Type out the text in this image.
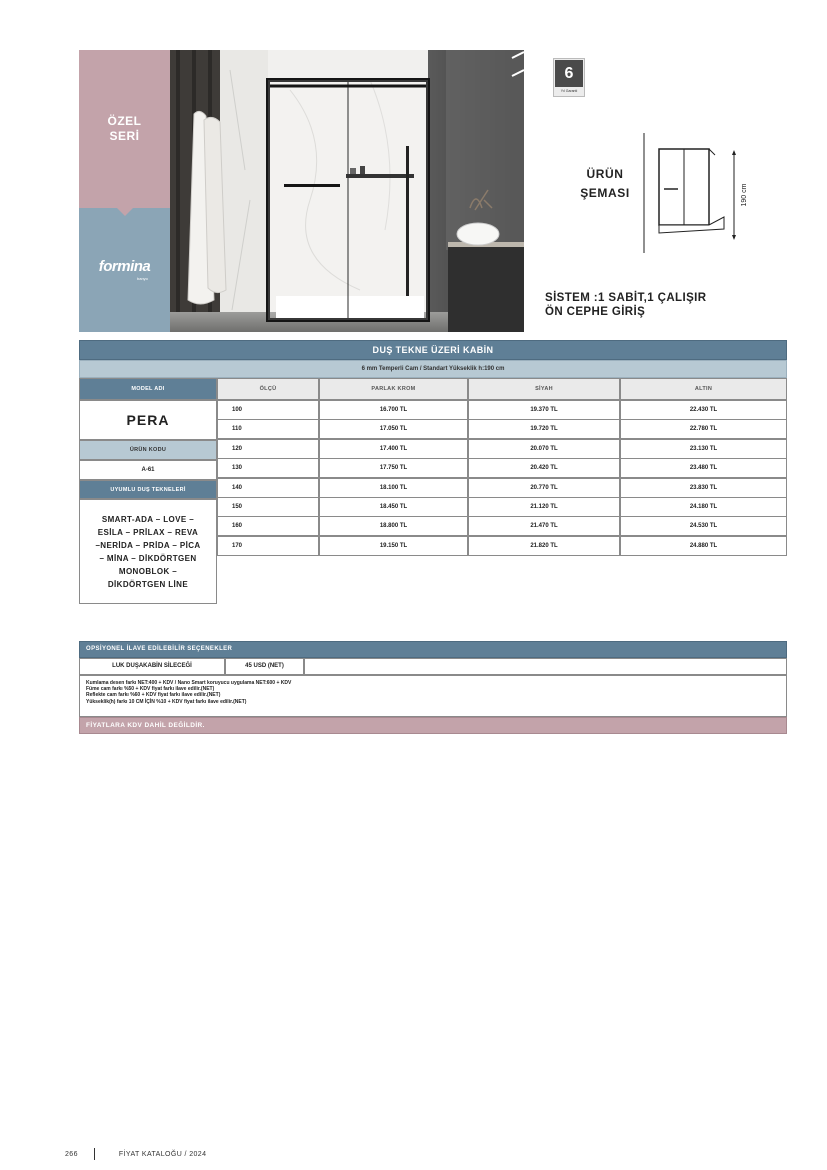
ÖZEL
SERİ
formina
banyo
6
Yıl Garanti
ÜRÜN
ŞEMASI	190 cm
SİSTEM :1 SABİT,1 ÇALIŞIR
ÖN CEPHE GİRİŞ
DUŞ TEKNE ÜZERİ KABİN
6 mm Temperli Cam / Standart Yükseklik h:190 cm
MODEL ADI	ÖLÇÜ	PARLAK KROM	SİYAH	ALTIN
PERA
ÜRÜN KODU
A-61
UYUMLU DUŞ TEKNELERİ
SMART-ADA – LOVE –
ESİLA – PRİLAX – REVA
–NERİDA – PRİDA – PİCA
– MİNA – DİKDÖRTGEN
MONOBLOK –
DİKDÖRTGEN LİNE
100	16.700 TL	19.370 TL	22.430 TL
110	17.050 TL	19.720 TL	22.780 TL
120	17.400 TL	20.070 TL	23.130 TL
130	17.750 TL	20.420 TL	23.480 TL
140	18.100 TL	20.770 TL	23.830 TL
150	18.450 TL	21.120 TL	24.180 TL
160	18.800 TL	21.470 TL	24.530 TL
170	19.150 TL	21.820 TL	24.880 TL
OPSİYONEL İLAVE EDİLEBİLİR SEÇENEKLER
LUK DUŞAKABİN SİLECEĞİ	45 USD (NET)
Kumlama desen farkı NET:400 + KDV / Nano Smart koruyucu uygulama NET:600 + KDV
Füme cam farkı %50 + KDV fiyat farkı ilave edilir.(NET)
Reflekte cam farkı %60 + KDV fiyat farkı ilave edilir.(NET)
Yükseklik(h) farkı 10 CM İÇİN %10 + KDV fiyat farkı ilave edilir.(NET)
FİYATLARA KDV DAHİL DEĞİLDİR.
266	FİYAT KATALOĞU / 2024
